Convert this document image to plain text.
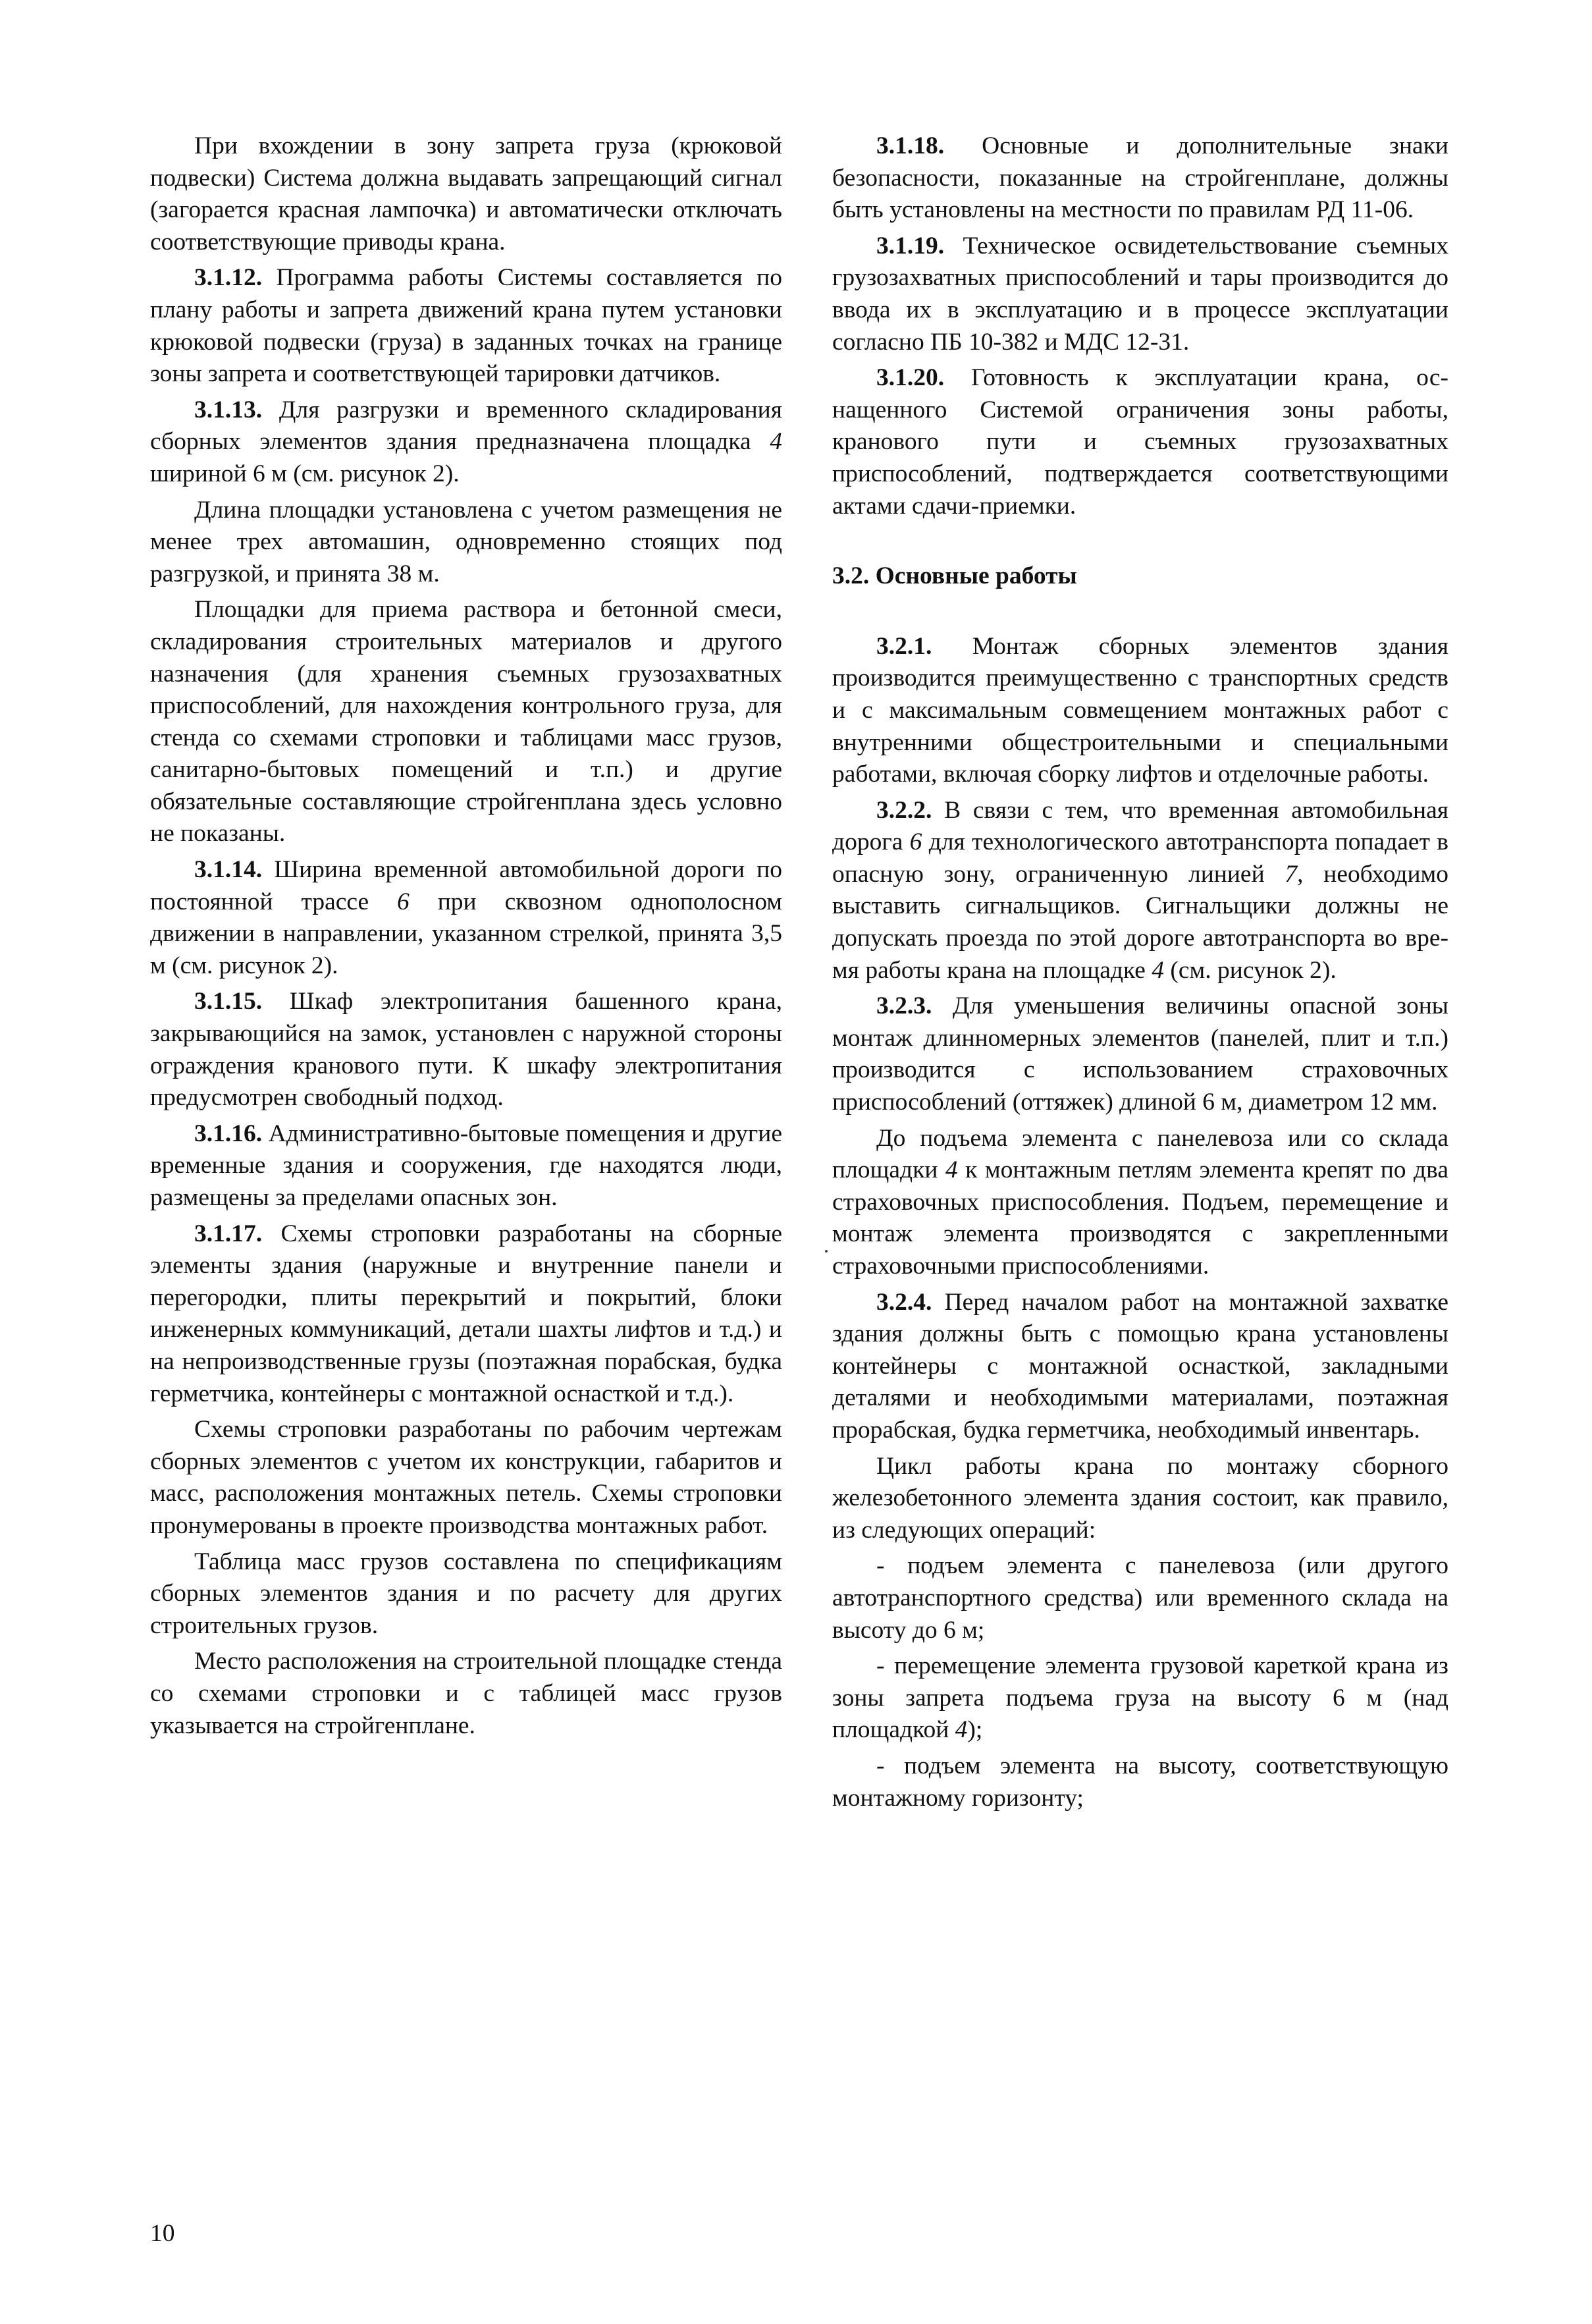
При вхождении в зону запрета груза (крюковой подвески) Система должна выдавать запрещающий сигнал (загорается красная лампочка) и автоматически отключать соответствующие приводы крана.

3.1.12. Программа работы Системы составляется по плану работы и запрета движений крана путем установки крюковой подвески (груза) в заданных точках на границе зоны запрета и соответствующей тарировки датчиков.

3.1.13. Для разгрузки и временного складирования сборных элементов здания предназначена площадка 4 шириной 6 м (см. рисунок 2).

Длина площадки установлена с учетом размещения не менее трех автомашин, одновременно стоящих под разгрузкой, и принята 38 м.

Площадки для приема раствора и бетонной смеси, складирования строительных материалов и другого назначения (для хранения съемных грузозахватных приспособлений, для нахождения контрольного груза, для стенда со схемами строповки и таблицами масс грузов, санитарно-бытовых помещений и т.п.) и другие обязательные составляющие стройгенплана здесь условно не показаны.

3.1.14. Ширина временной автомобильной дороги по постоянной трассе 6 при сквозном однополосном движении в направлении, указанном стрелкой, принята 3,5 м (см. рисунок 2).

3.1.15. Шкаф электропитания башенного крана, закрывающийся на замок, установлен с наружной стороны ограждения кранового пути. К шкафу электропитания предусмотрен свободный подход.

3.1.16. Административно-бытовые помещения и другие временные здания и сооружения, где находятся люди, размещены за пределами опасных зон.

3.1.17. Схемы строповки разработаны на сборные элементы здания (наружные и внутренние панели и перегородки, плиты перекрытий и покрытий, блоки инженерных коммуникаций, детали шахты лифтов и т.д.) и на непроизводственные грузы (поэтажная порабская, будка герметчика, контейнеры с монтажной оснасткой и т.д.).

Схемы строповки разработаны по рабочим чертежам сборных элементов с учетом их конструкции, габаритов и масс, расположения монтажных петель. Схемы строповки пронумерованы в проекте производства монтажных работ.

Таблица масс грузов составлена по спецификациям сборных элементов здания и по расчету для других строительных грузов.

Место расположения на строительной площадке стенда со схемами строповки и с таблицей масс грузов указывается на стройгенплане.

3.1.18. Основные и дополнительные знаки безопасности, показанные на стройгенплане, должны быть установлены на местности по правилам РД 11-06.

3.1.19. Техническое освидетельствование съемных грузозахватных приспособлений и тары производится до ввода их в эксплуатацию и в процессе эксплуатации согласно ПБ 10-382 и МДС 12-31.

3.1.20. Готовность к эксплуатации крана, оснащенного Системой ограничения зоны работы, кранового пути и съемных грузозахватных приспособлений, подтверждается соответствующими актами сдачи-приемки.

3.2. Основные работы

3.2.1. Монтаж сборных элементов здания производится преимущественно с транспортных средств и с максимальным совмещением монтажных работ с внутренними общестроительными и специальными работами, включая сборку лифтов и отделочные работы.

3.2.2. В связи с тем, что временная автомобильная дорога 6 для технологического автотранспорта попадает в опасную зону, ограниченную линией 7, необходимо выставить сигнальщиков. Сигнальщики должны не допускать проезда по этой дороге автотранспорта во время работы крана на площадке 4 (см. рисунок 2).

3.2.3. Для уменьшения величины опасной зоны монтаж длинномерных элементов (панелей, плит и т.п.) производится с использованием страховочных приспособлений (оттяжек) длиной 6 м, диаметром 12 мм.

До подъема элемента с панелевоза или со склада площадки 4 к монтажным петлям элемента крепят по два страховочных приспособления. Подъем, перемещение и монтаж элемента производятся с закрепленными страховочными приспособлениями.

3.2.4. Перед началом работ на монтажной захватке здания должны быть с помощью крана установлены контейнеры с монтажной оснасткой, закладными деталями и необходимыми материалами, поэтажная прорабская, будка герметчика, необходимый инвентарь.

Цикл работы крана по монтажу сборного железобетонного элемента здания состоит, как правило, из следующих операций:

- подъем элемента с панелевоза (или другого автотранспортного средства) или временного склада на высоту до 6 м;

- перемещение элемента грузовой кареткой крана из зоны запрета подъема груза на высоту 6 м (над площадкой 4);

- подъем элемента на высоту, соответствующую монтажному горизонту;

10
